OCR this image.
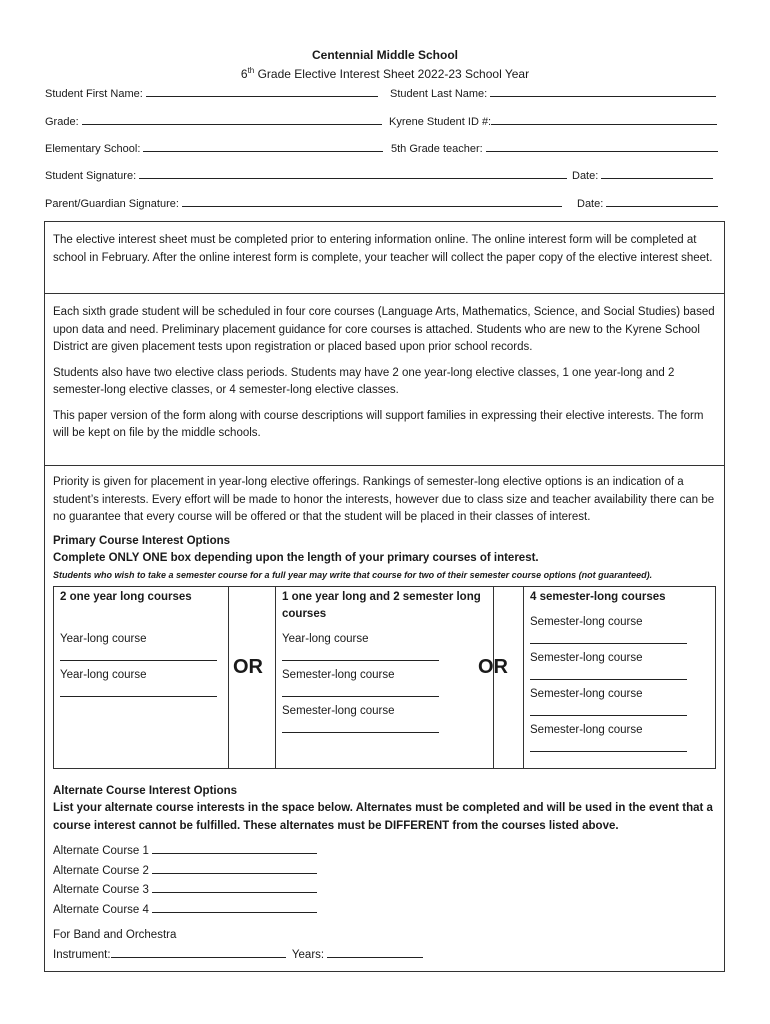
Centennial Middle School
6th Grade Elective Interest Sheet 2022-23 School Year
Student First Name:	Student Last Name:
Grade:	Kyrene Student ID #:
Elementary School:	5th Grade teacher:
Student Signature:	Date:
Parent/Guardian Signature:	Date:

The elective interest sheet must be completed prior to entering information online. The online interest form will be completed at school in February. After the online interest form is complete, your teacher will collect the paper copy of the elective interest sheet.

Each sixth grade student will be scheduled in four core courses (Language Arts, Mathematics, Science, and Social Studies) based upon data and need. Preliminary placement guidance for core courses is attached. Students who are new to the Kyrene School District are given placement tests upon registration or placed based upon prior school records.

Students also have two elective class periods. Students may have 2 one year-long elective classes, 1 one year-long and 2 semester-long elective classes, or 4 semester-long elective classes.

This paper version of the form along with course descriptions will support families in expressing their elective interests. The form will be kept on file by the middle schools.

Priority is given for placement in year-long elective offerings. Rankings of semester-long elective options is an indication of a student’s interests. Every effort will be made to honor the interests, however due to class size and teacher availability there can be no guarantee that every course will be offered or that the student will be placed in their classes of interest.

Primary Course Interest Options
Complete ONLY ONE box depending upon the length of your primary courses of interest.
Students who wish to take a semester course for a full year may write that course for two of their semester course options (not guaranteed).
2 one year long courses
Year-long course
Year-long course	OR
1 one year long and 2 semester long courses
Year-long course
Semester-long course
Semester-long course
OR
4 semester-long courses
Semester-long course
Semester-long course
Semester-long course
Semester-long course
Alternate Course Interest Options
List your alternate course interests in the space below. Alternates must be completed and will be used in the event that a course interest cannot be fulfilled. These alternates must be DIFFERENT from the courses listed above.
Alternate Course 1
Alternate Course 2
Alternate Course 3
Alternate Course 4
For Band and Orchestra
Instrument:	Years:
